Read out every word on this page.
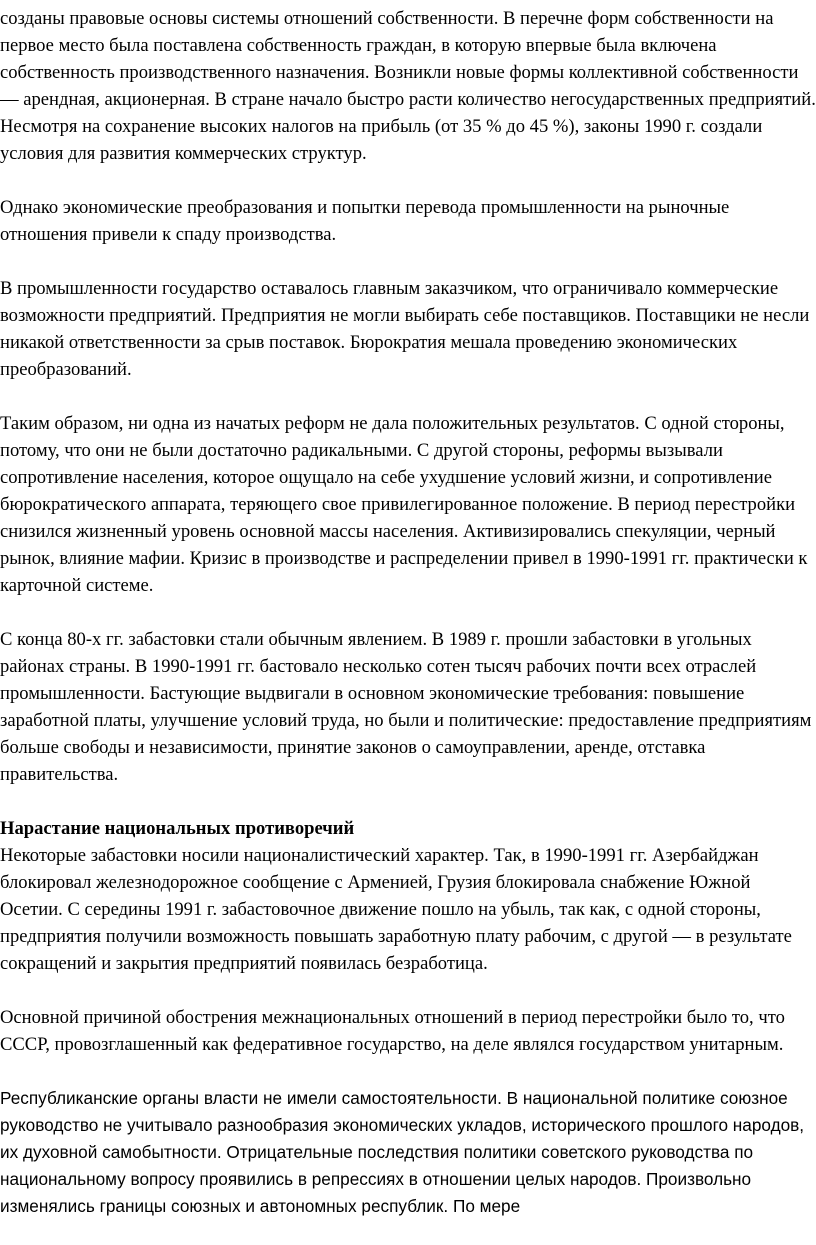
созданы правовые основы системы отношений собственности. В перечне форм собственности на первое место была поставлена собственность граждан, в которую впервые была включена собственность производственного назначения. Возникли новые формы коллективной собственности — арендная, акционерная. В стране начало быстро расти количество негосударственных предприятий. Несмотря на сохранение высоких налогов на прибыль (от 35 % до 45 %), законы 1990 г. создали условия для развития коммерческих структур.

Однако экономические преобразования и попытки перевода промышленности на рыночные отношения привели к спаду производства.

В промышленности государство оставалось главным заказчиком, что ограничивало коммерческие возможности предприятий. Предприятия не могли выбирать себе поставщиков. Поставщики не несли никакой ответственности за срыв поставок. Бюрократия мешала проведению экономических преобразований.

Таким образом, ни одна из начатых реформ не дала положительных результатов. С одной стороны, потому, что они не были достаточно радикальными. С другой стороны, реформы вызывали сопротивление населения, которое ощущало на себе ухудшение условий жизни, и сопротивление бюрократического аппарата, теряющего свое привилегированное положение. В период перестройки снизился жизненный уровень основной массы населения. Активизировались спекуляции, черный рынок, влияние мафии. Кризис в производстве и распределении привел в 1990-1991 гг. практически к карточной системе.

С конца 80-х гг. забастовки стали обычным явлением. В 1989 г. прошли забастовки в угольных районах страны. В 1990-1991 гг. бастовало несколько сотен тысяч рабочих почти всех отраслей промышленности. Бастующие выдвигали в основном экономические требования: повышение заработной платы, улучшение условий труда, но были и политические: предоставление предприятиям больше свободы и независимости, принятие законов о самоуправлении, аренде, отставка правительства.

Нарастание национальных противоречий

Некоторые забастовки носили националистический характер. Так, в 1990-1991 гг. Азербайджан блокировал железнодорожное сообщение с Арменией, Грузия блокировала снабжение Южной Осетии. С середины 1991 г. забастовочное движение пошло на убыль, так как, с одной стороны, предприятия получили возможность повышать заработную плату рабочим, с другой — в результате сокращений и закрытия предприятий появилась безработица.

Основной причиной обострения межнациональных отношений в период перестройки было то, что СССР, провозглашенный как федеративное государство, на деле являлся государством унитарным.

Республиканские органы власти не имели самостоятельности. В национальной политике союзное руководство не учитывало разнообразия экономических укладов, исторического прошлого народов, их духовной самобытности. Отрицательные последствия политики советского руководства по национальному вопросу проявились в репрессиях в отношении целых народов. Произвольно изменялись границы союзных и автономных республик. По мере
